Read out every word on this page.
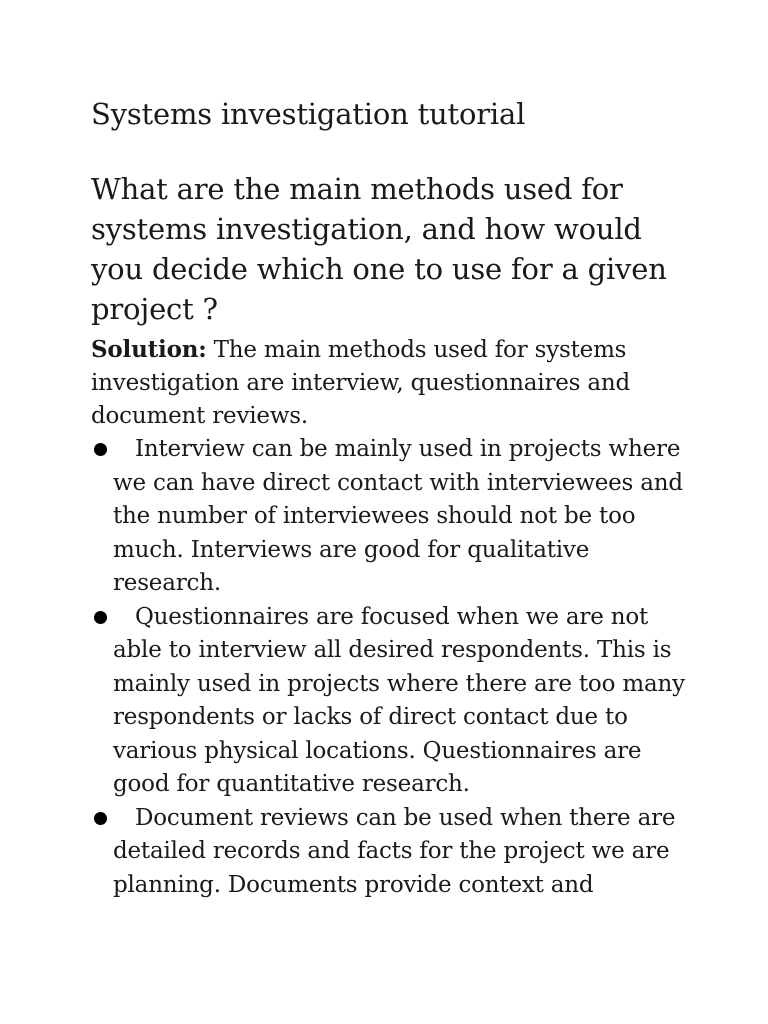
Systems investigation tutorial
What are the main methods used for systems investigation, and how would you decide which one to use for a given project ?

Solution: The main methods used for systems investigation are interview, questionnaires and document reviews.

Interview can be mainly used in projects where we can have direct contact with interviewees and the number of interviewees should not be too much. Interviews are good for qualitative research.
Questionnaires are focused when we are not able to interview all desired respondents. This is mainly used in projects where there are too many respondents or lacks of direct contact due to various physical locations. Questionnaires are good for quantitative research.
Document reviews can be used when there are detailed records and facts for the project we are planning. Documents provide context and
